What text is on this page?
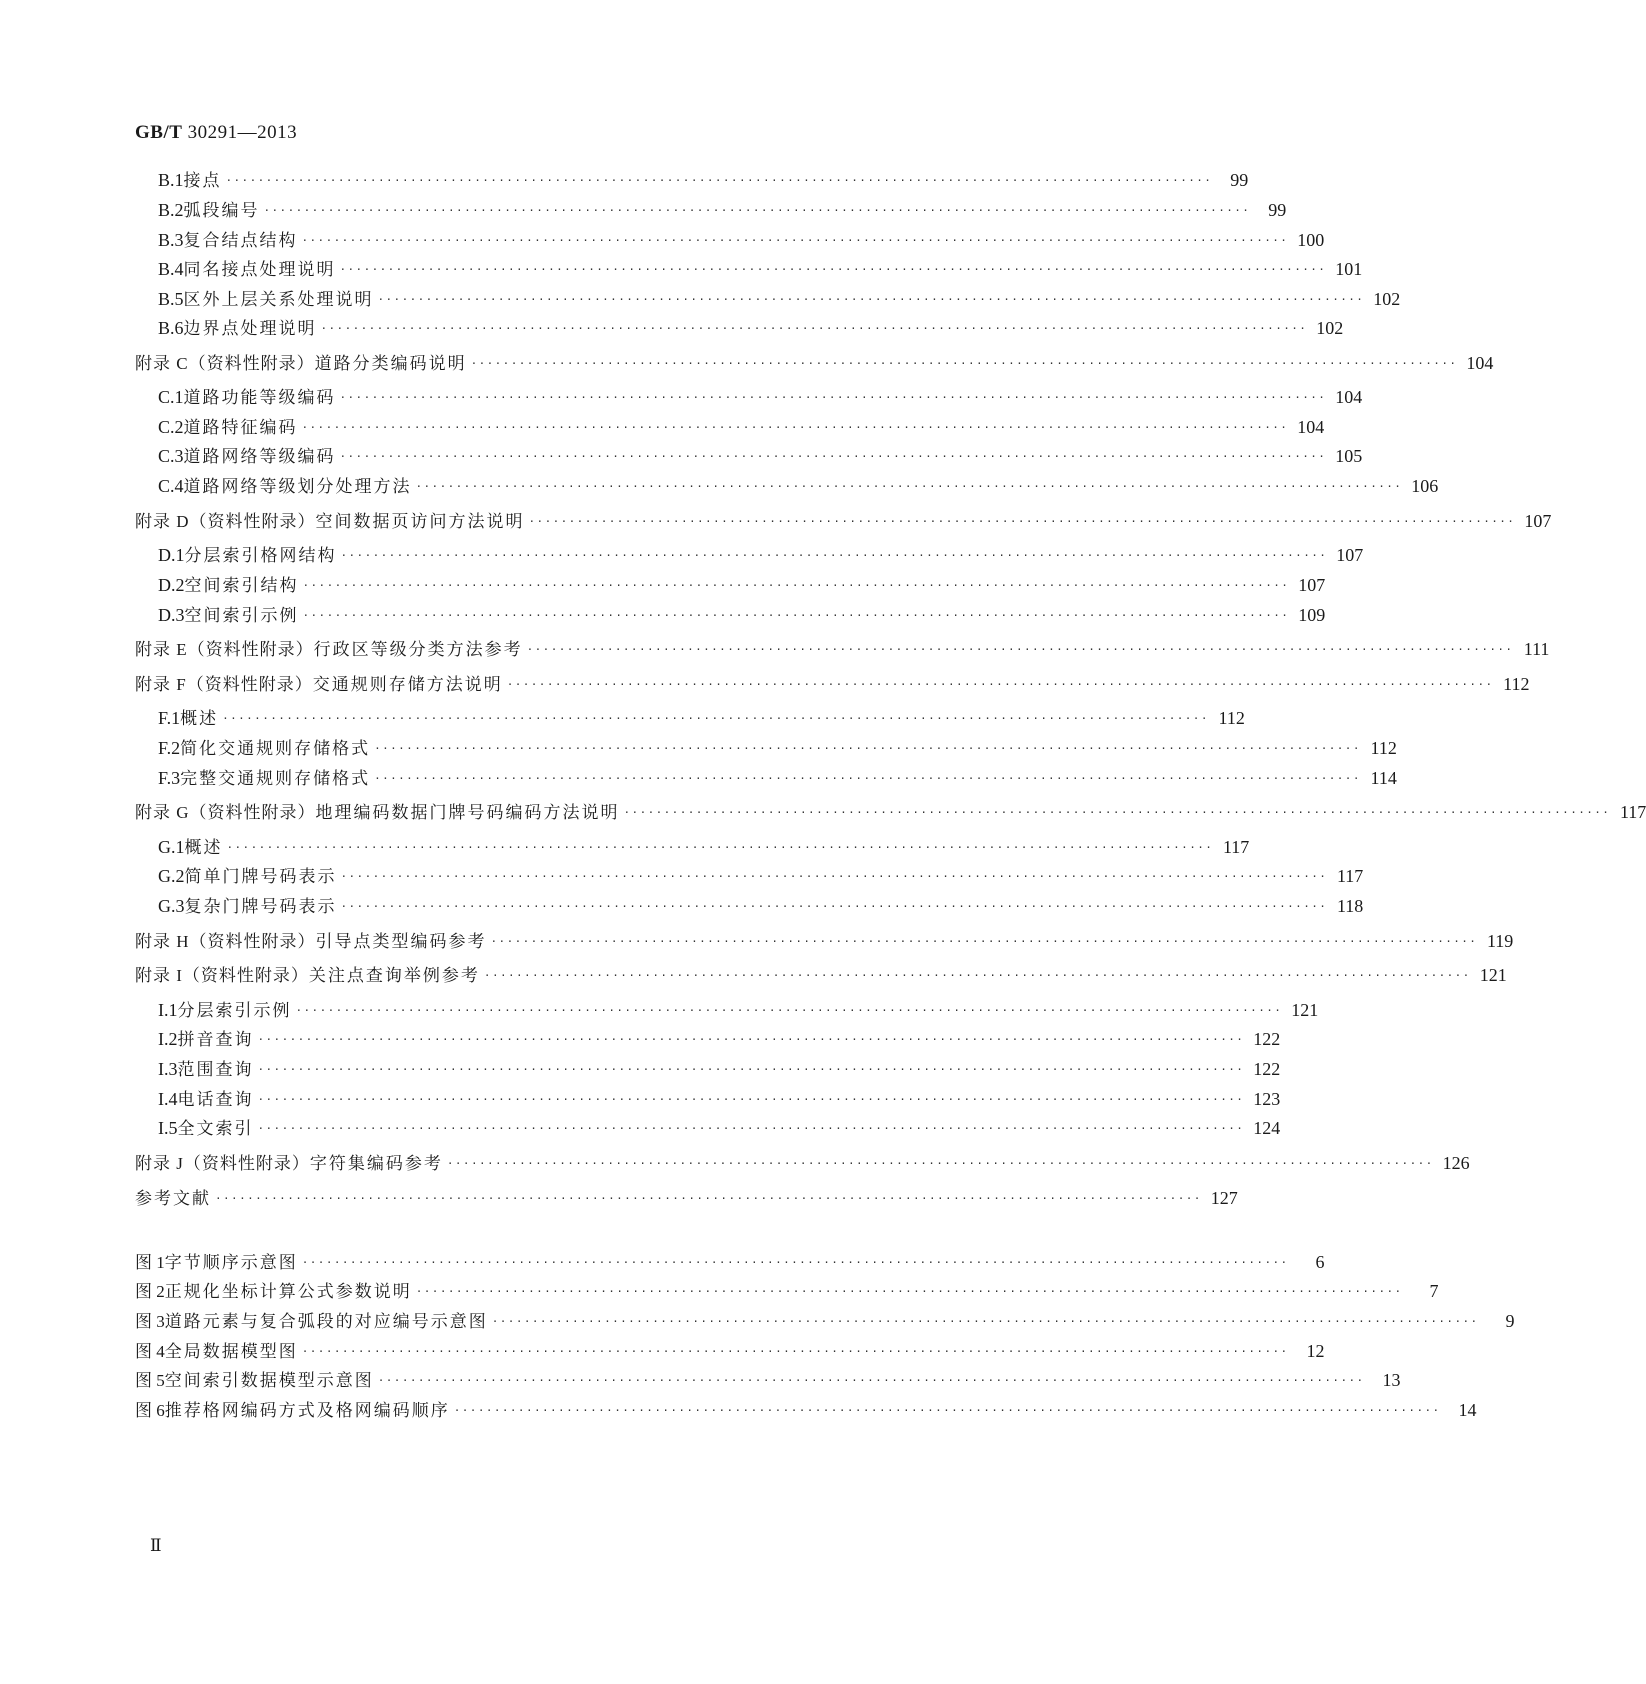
GB/T 30291—2013
B.1 接点 ···························································································································	99
B.2 弧段编号 ···························································································································	99
B.3 复合结点结构 ··························································································································· 100
B.4 同名接点处理说明 ··························································································································· 101
B.5 区外上层关系处理说明 ··························································································································· 102
B.6 边界点处理说明 ··························································································································· 102
附录 C（资料性附录） 道路分类编码说明 ··························································································································· 104
C.1 道路功能等级编码 ··························································································································· 104
C.2 道路特征编码 ··························································································································· 104
C.3 道路网络等级编码 ··························································································································· 105
C.4 道路网络等级划分处理方法 ··························································································································· 106
附录 D（资料性附录） 空间数据页访问方法说明 ··························································································································· 107
D.1 分层索引格网结构 ··························································································································· 107
D.2 空间索引结构 ··························································································································· 107
D.3 空间索引示例 ··························································································································· 109
附录 E（资料性附录） 行政区等级分类方法参考 ··························································································································· 111
附录 F（资料性附录） 交通规则存储方法说明 ··························································································································· 112
F.1 概述 ··························································································································· 112
F.2 简化交通规则存储格式 ··························································································································· 112
F.3 完整交通规则存储格式 ··························································································································· 114
附录 G（资料性附录） 地理编码数据门牌号码编码方法说明 ··························································································································· 117
G.1 概述 ··························································································································· 117
G.2 简单门牌号码表示 ··························································································································· 117
G.3 复杂门牌号码表示 ··························································································································· 118
附录 H（资料性附录） 引导点类型编码参考 ··························································································································· 119
附录 I（资料性附录） 关注点查询举例参考 ··························································································································· 121
I.1 分层索引示例 ··························································································································· 121
I.2 拼音查询 ··························································································································· 122
I.3 范围查询 ··························································································································· 122
I.4 电话查询 ··························································································································· 123
I.5 全文索引 ··························································································································· 124
附录 J（资料性附录） 字符集编码参考 ··························································································································· 126
参考文献 ··························································································································· 127
图 1 字节顺序示意图 ···························································································································	6
图 2 正规化坐标计算公式参数说明 ···························································································································	7
图 3 道路元素与复合弧段的对应编号示意图 ···························································································································	9
图 4 全局数据模型图 ···························································································································	12
图 5 空间索引数据模型示意图 ···························································································································	13
图 6 推荐格网编码方式及格网编码顺序 ···························································································································	14
Ⅱ
